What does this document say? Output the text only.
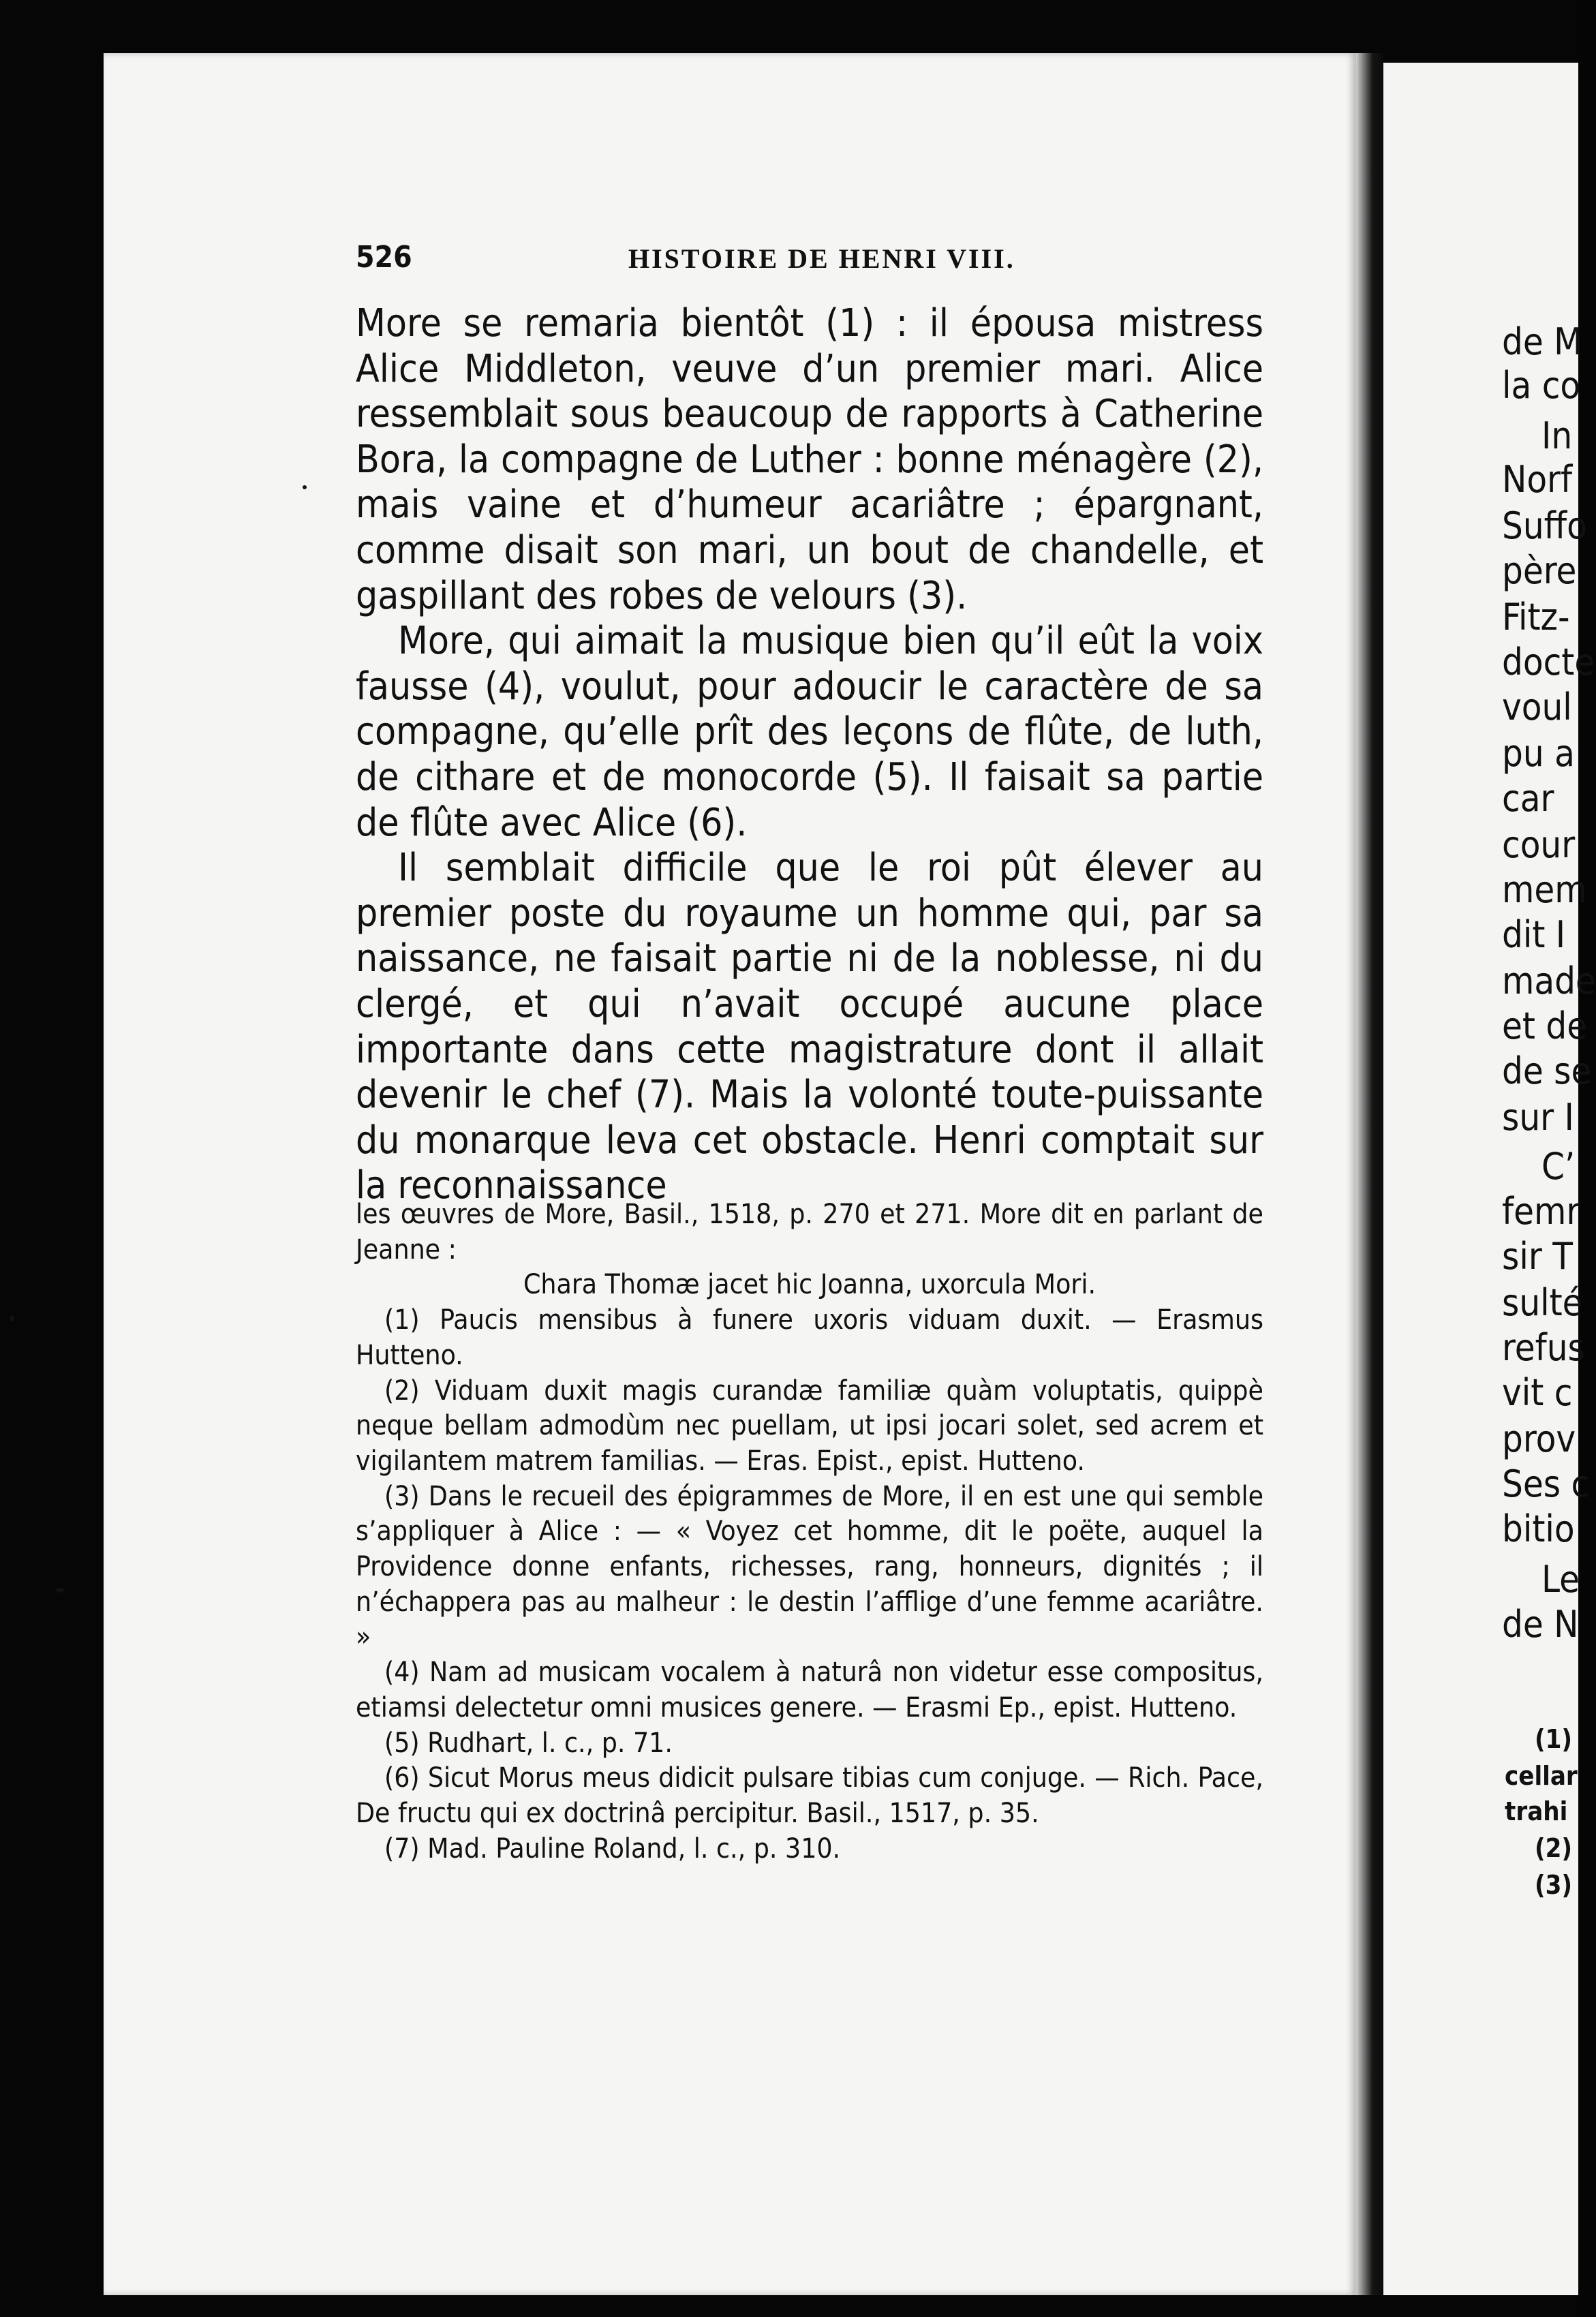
526	HISTOIRE DE HENRI VIII.

More se remaria bientôt (1) : il épousa mistress Alice Middleton, veuve d’un premier mari. Alice ressemblait sous beaucoup de rapports à Catherine Bora, la compagne de Luther : bonne ménagère (2), mais vaine et d’humeur acariâtre ; épargnant, comme disait son mari, un bout de chandelle, et gaspillant des robes de velours (3).

More, qui aimait la musique bien qu’il eût la voix fausse (4), voulut, pour adoucir le caractère de sa compagne, qu’elle prît des leçons de flûte, de luth, de cithare et de monocorde (5). Il faisait sa partie de flûte avec Alice (6).

Il semblait difficile que le roi pût élever au premier poste du royaume un homme qui, par sa naissance, ne faisait partie ni de la noblesse, ni du clergé, et qui n’avait occupé aucune place importante dans cette magistrature dont il allait devenir le chef (7). Mais la volonté toute-puissante du monarque leva cet obstacle. Henri comptait sur la reconnaissance

les œuvres de More, Basil., 1518, p. 270 et 271. More dit en parlant de Jeanne :

Chara Thomæ jacet hic Joanna, uxorcula Mori.

(1) Paucis mensibus à funere uxoris viduam duxit. — Erasmus Hutteno.

(2) Viduam duxit magis curandæ familiæ quàm voluptatis, quippè neque bellam admodùm nec puellam, ut ipsi jocari solet, sed acrem et vigilantem matrem familias. — Eras. Epist., epist. Hutteno.

(3) Dans le recueil des épigrammes de More, il en est une qui semble s’appliquer à Alice : — « Voyez cet homme, dit le poëte, auquel la Providence donne enfants, richesses, rang, honneurs, dignités ; il n’échappera pas au malheur : le destin l’afflige d’une femme acariâtre. »

(4) Nam ad musicam vocalem à naturâ non videtur esse compositus, etiamsi delectetur omni musices genere. — Erasmi Ep., epist. Hutteno.

(5) Rudhart, l. c., p. 71.

(6) Sicut Morus meus didicit pulsare tibias cum conjuge. — Rich. Pace, De fructu qui ex doctrinâ percipitur. Basil., 1517, p. 35.

(7) Mad. Pauline Roland, l. c., p. 310.

de M
la co
In
Norf
Suffo
père
Fitz-
docte
voul
pu a
car
cour
mem
dit I
made
et de
de se
sur I
C’
femr
sir T
sulté
refus
vit c
prov
Ses c
bitio
Le
de N
(1)
cellar
trahi
(2)
(3)
